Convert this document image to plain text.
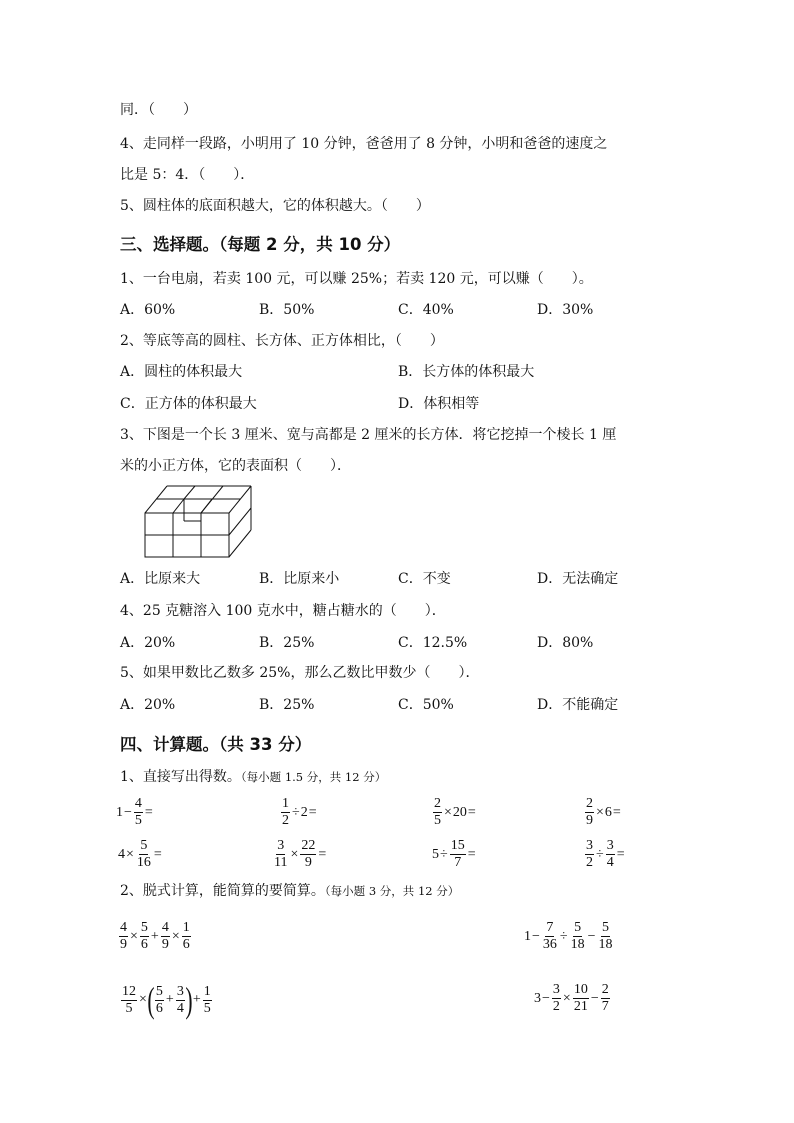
同．（　　）
4、走同样一段路，小明用了 10 分钟，爸爸用了 8 分钟，小明和爸爸的速度之
比是 5：4．（　　）．
5、圆柱体的底面积越大，它的体积越大。（　　）
三、选择题。（每题 2 分，共 10 分）
1、一台电扇，若卖 100 元，可以赚 25%；若卖 120 元，可以赚（　　）。
A．60%	B．50%	C．40%	D．30%
2、等底等高的圆柱、长方体、正方体相比，（　　）
A．圆柱的体积最大	B．长方体的体积最大
C．正方体的体积最大	D．体积相等
3、下图是一个长 3 厘米、宽与高都是 2 厘米的长方体．将它挖掉一个棱长 1 厘
米的小正方体，它的表面积（　　）．
A．比原来大	B．比原来小	C．不变	D．无法确定
4、25 克糖溶入 100 克水中，糖占糖水的（　　）．
A．20%	B．25%	C．12.5%	D．80%
5、如果甲数比乙数多 25%，那么乙数比甲数少（　　）．
A．20%	B．25%	C．50%	D．不能确定
四、计算题。（共 33 分）
1、直接写出得数。（每小题 1.5 分，共 12 分）
$1 - \frac{4}{5}$ =	$\frac{1}{2} \div 2$ =	$\frac{2}{5} \times 20$ =	$\frac{2}{9} \times 6$ =
$4 \times \frac{5}{16}$ =	$\frac{3}{11} \times \frac{22}{9}$ =	$5 \div \frac{15}{7}$ =	$\frac{3}{2} \div \frac{3}{4}$ =
2、脱式计算，能简算的要简算。（每小题 3 分，共 12 分）
$\frac{4}{9} \times \frac{5}{6} + \frac{4}{9} \times \frac{1}{6}$	$1 - \frac{7}{36} \div \frac{5}{18} - \frac{5}{18}$
$\frac{12}{5}$ × ( $\frac{5}{6} + \frac{3}{4}$ ) + $\frac{1}{5}$	$3 - \frac{3}{2} \times \frac{10}{21} - \frac{2}{7}$
